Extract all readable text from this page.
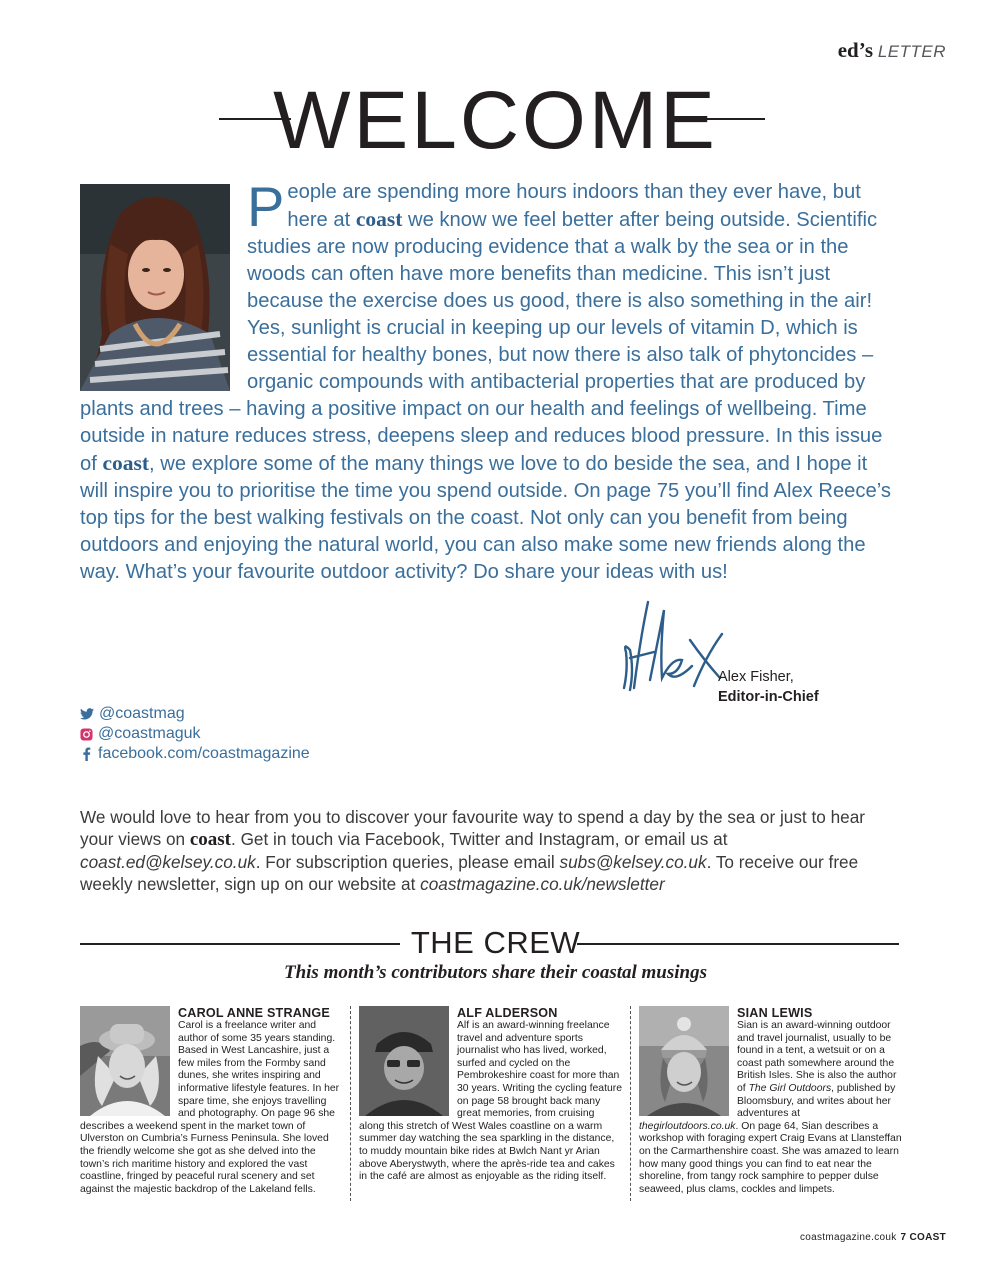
ed’s LETTER
WELCOME
People are spending more hours indoors than they ever have, but here at coast we know we feel better after being outside. Scientific studies are now producing evidence that a walk by the sea or in the woods can often have more benefits than medicine. This isn’t just because the exercise does us good, there is also something in the air! Yes, sunlight is crucial in keeping up our levels of vitamin D, which is essential for healthy bones, but now there is also talk of phytoncides – organic compounds with antibacterial properties that are produced by plants and trees – having a positive impact on our health and feelings of wellbeing. Time outside in nature reduces stress, deepens sleep and reduces blood pressure. In this issue of coast, we explore some of the many things we love to do beside the sea, and I hope it will inspire you to prioritise the time you spend outside. On page 75 you’ll find Alex Reece’s top tips for the best walking festivals on the coast. Not only can you benefit from being outdoors and enjoying the natural world, you can also make some new friends along the way. What’s your favourite outdoor activity? Do share your ideas with us!
Alex Fisher,
Editor-in-Chief
@coastmag
@coastmaguk
facebook.com/coastmagazine
We would love to hear from you to discover your favourite way to spend a day by the sea or just to hear your views on coast. Get in touch via Facebook, Twitter and Instagram, or email us at coast.ed@kelsey.co.uk. For subscription queries, please email subs@kelsey.co.uk. To receive our free weekly newsletter, sign up on our website at coastmagazine.co.uk/newsletter
THE CREW
This month’s contributors share their coastal musings
CAROL ANNE STRANGE
Carol is a freelance writer and author of some 35 years standing. Based in West Lancashire, just a few miles from the Formby sand dunes, she writes inspiring and informative lifestyle features. In her spare time, she enjoys travelling and photography. On page 96 she describes a weekend spent in the market town of Ulverston on Cumbria’s Furness Peninsula. She loved the friendly welcome she got as she delved into the town’s rich maritime history and explored the vast coastline, fringed by peaceful rural scenery and set against the majestic backdrop of the Lakeland fells.
ALF ALDERSON
Alf is an award-winning freelance travel and adventure sports journalist who has lived, worked, surfed and cycled on the Pembrokeshire coast for more than 30 years. Writing the cycling feature on page 58 brought back many great memories, from cruising along this stretch of West Wales coastline on a warm summer day watching the sea sparkling in the distance, to muddy mountain bike rides at Bwlch Nant yr Arian above Aberystwyth, where the après-ride tea and cakes in the café are almost as enjoyable as the riding itself.
SIAN LEWIS
Sian is an award-winning outdoor and travel journalist, usually to be found in a tent, a wetsuit or on a coast path somewhere around the British Isles. She is also the author of The Girl Outdoors, published by Bloomsbury, and writes about her adventures at thegirloutdoors.co.uk. On page 64, Sian describes a workshop with foraging expert Craig Evans at Llansteffan on the Carmarthenshire coast. She was amazed to learn how many good things you can find to eat near the shoreline, from tangy rock samphire to pepper dulse seaweed, plus clams, cockles and limpets.
coastmagazine.couk 7 COAST
